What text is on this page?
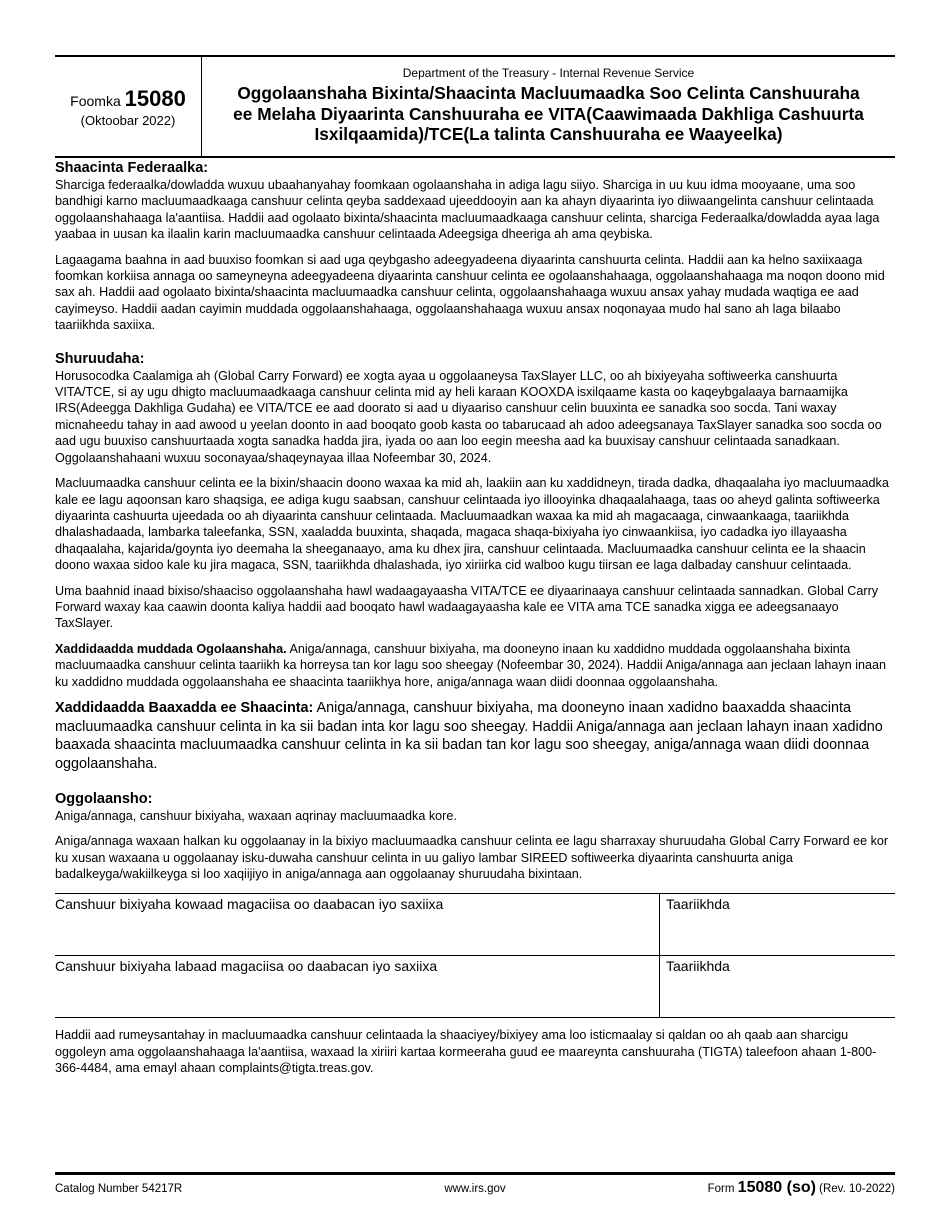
Foomka 15080
(Oktoobar 2022)
Department of the Treasury - Internal Revenue Service
Oggolaanshaha Bixinta/Shaacinta Macluumaadka Soo Celinta Canshuuraha
ee Melaha Diyaarinta Canshuuraha ee VITA(Caawimaada Dakhliga Cashuurta
Isxilqaamida)/TCE(La talinta Canshuuraha ee Waayeelka)
Shaacinta Federaalka:

Sharciga federaalka/dowladda wuxuu ubaahanyahay foomkaan ogolaanshaha in adiga lagu siiyo. Sharciga in uu kuu idma mooyaane, uma soo bandhigi karno macluumaadkaaga canshuur celinta qeyba saddexaad ujeeddooyin aan ka ahayn diyaarinta iyo diiwaangelinta canshuur celintaada oggolaanshahaaga la'aantiisa. Haddii aad ogolaato bixinta/shaacinta macluumaadkaaga canshuur celinta, sharciga Federaalka/dowladda ayaa laga yaabaa in uusan ka ilaalin karin macluumaadka canshuur celintaada Adeegsiga dheeriga ah ama qeybiska.

Lagaagama baahna in aad buuxiso foomkan si aad uga qeybgasho adeegyadeena diyaarinta canshuurta celinta. Haddii aan ka helno saxiixaaga foomkan korkiisa annaga oo sameyneyna adeegyadeena diyaarinta canshuur celinta ee ogolaanshahaaga, oggolaanshahaaga ma noqon doono mid sax ah. Haddii aad ogolaato bixinta/shaacinta macluumaadka canshuur celinta, oggolaanshahaaga wuxuu ansax yahay mudada waqtiga ee aad cayimeyso. Haddii aadan cayimin muddada oggolaanshahaaga, oggolaanshahaaga wuxuu ansax noqonayaa mudo hal sano ah laga bilaabo taariikhda saxiixa.

Shuruudaha:

Horusocodka Caalamiga ah (Global Carry Forward) ee xogta ayaa u oggolaaneysa TaxSlayer LLC, oo ah bixiyeyaha softiweerka canshuurta VITA/TCE, si ay ugu dhigto macluumaadkaaga canshuur celinta mid ay heli karaan KOOXDA isxilqaame kasta oo kaqeybgalaaya barnaamijka IRS(Adeegga Dakhliga Gudaha) ee VITA/TCE ee aad doorato si aad u diyaariso canshuur celin buuxinta ee sanadka soo socda. Tani waxay micnaheedu tahay in aad awood u yeelan doonto in aad booqato goob kasta oo tabarucaad ah adoo adeegsanaya TaxSlayer sanadka soo socda oo aad ugu buuxiso canshuurtaada xogta sanadka hadda jira, iyada oo aan loo eegin meesha aad ka buuxisay canshuur celintaada sanadkaan. Oggolaanshahaani wuxuu soconayaa/shaqeynayaa illaa Nofeembar 30, 2024.

Macluumaadka canshuur celinta ee la bixin/shaacin doono waxaa ka mid ah, laakiin aan ku xaddidneyn, tirada dadka, dhaqaalaha iyo macluumaadka kale ee lagu aqoonsan karo shaqsiga, ee adiga kugu saabsan, canshuur celintaada iyo illooyinka dhaqaalahaaga, taas oo aheyd galinta softiweerka diyaarinta cashuurta ujeedada oo ah diyaarinta canshuur celintaada. Macluumaadkan waxaa ka mid ah magacaaga, cinwaankaaga, taariikhda dhalashadaada, lambarka taleefanka, SSN, xaaladda buuxinta, shaqada, magaca shaqa-bixiyaha iyo cinwaankiisa, iyo cadadka iyo illayaasha dhaqaalaha, kajarida/goynta iyo deemaha la sheeganaayo, ama ku dhex jira, canshuur celintaada. Macluumaadka canshuur celinta ee la shaacin doono waxaa sidoo kale ku jira magaca, SSN, taariikhda dhalashada, iyo xiriirka cid walboo kugu tiirsan ee laga dalbaday canshuur celintaada.

Uma baahnid inaad bixiso/shaaciso oggolaanshaha hawl wadaagayaasha VITA/TCE ee diyaarinaaya canshuur celintaada sannadkan. Global Carry Forward waxay kaa caawin doonta kaliya haddii aad booqato hawl wadaagayaasha kale ee VITA ama TCE sanadka xigga ee adeegsanaayo TaxSlayer.

Xaddidaadda muddada Ogolaanshaha. Aniga/annaga, canshuur bixiyaha, ma dooneyno inaan ku xaddidno muddada oggolaanshaha bixinta macluumaadka canshuur celinta taariikh ka horreysa tan kor lagu soo sheegay (Nofeembar 30, 2024). Haddii Aniga/annaga aan jeclaan lahayn inaan ku xaddidno muddada oggolaanshaha ee shaacinta taariikhya hore, aniga/annaga waan diidi doonnaa oggolaanshaha.

Xaddidaadda Baaxadda ee Shaacinta: Aniga/annaga, canshuur bixiyaha, ma dooneyno inaan xadidno baaxadda shaacinta macluumaadka canshuur celinta in ka sii badan inta kor lagu soo sheegay. Haddii Aniga/annaga aan jeclaan lahayn inaan xadidno baaxada shaacinta macluumaadka canshuur celinta in ka sii badan tan kor lagu soo sheegay, aniga/annaga waan diidi doonnaa oggolaanshaha.

Oggolaansho:

Aniga/annaga, canshuur bixiyaha, waxaan aqrinay macluumaadka kore.

Aniga/annaga waxaan halkan ku oggolaanay in la bixiyo macluumaadka canshuur celinta ee lagu sharraxay shuruudaha Global Carry Forward ee kor ku xusan waxaana u oggolaanay isku-duwaha canshuur celinta in uu galiyo lambar SIREED softiweerka diyaarinta canshuurta aniga badalkeyga/wakiilkeyga si loo xaqiijiyo in aniga/annaga aan oggolaanay shuruudaha bixintaan.

Canshuur bixiyaha kowaad magaciisa oo daabacan iyo saxiixa	Taariikhda
Canshuur bixiyaha labaad magaciisa oo daabacan iyo saxiixa	Taariikhda

Haddii aad rumeysantahay in macluumaadka canshuur celintaada la shaaciyey/bixiyey ama loo isticmaalay si qaldan oo ah qaab aan sharcigu oggoleyn ama oggolaanshahaaga la'aantiisa, waxaad la xiriiri kartaa kormeeraha guud ee maareynta canshuuraha (TIGTA) taleefoon ahaan 1-800-366-4484, ama emayl ahaan complaints@tigta.treas.gov.

Catalog Number 54217R	www.irs.gov	Form 15080 (so) (Rev. 10-2022)
